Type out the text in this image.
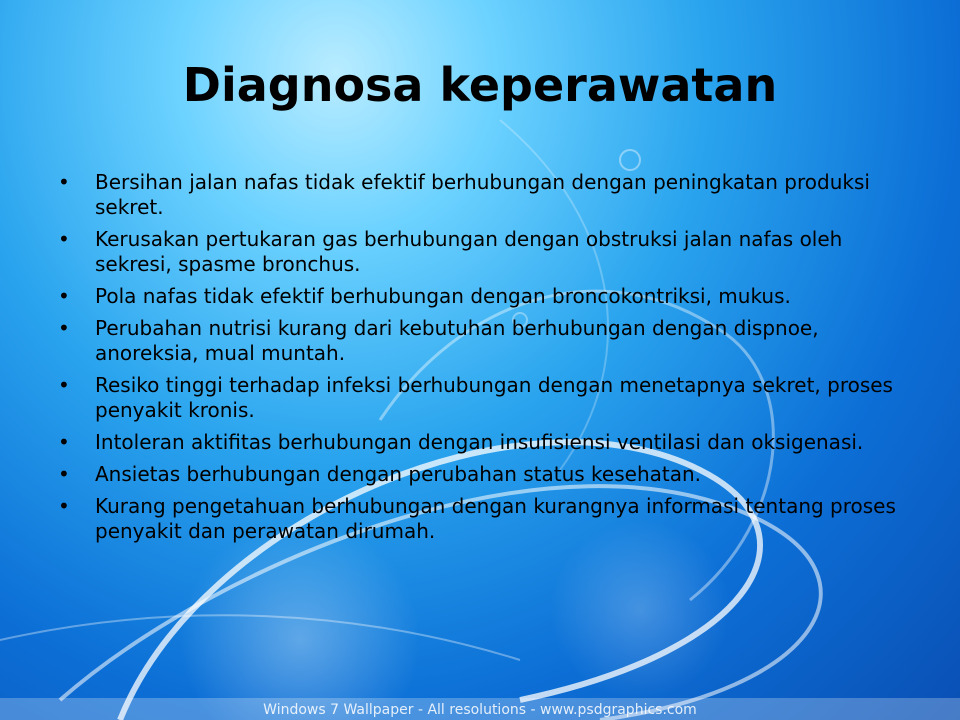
Diagnosa keperawatan
• Bersihan jalan nafas tidak efektif berhubungan dengan peningkatan produksi sekret.
• Kerusakan pertukaran gas berhubungan dengan obstruksi jalan nafas oleh sekresi, spasme bronchus.
• Pola nafas tidak efektif berhubungan dengan broncokontriksi, mukus.
• Perubahan nutrisi kurang dari kebutuhan berhubungan dengan dispnoe, anoreksia, mual muntah.
• Resiko tinggi terhadap infeksi berhubungan dengan menetapnya sekret, proses penyakit kronis.
• Intoleran aktifitas berhubungan dengan insufisiensi ventilasi dan oksigenasi.
• Ansietas berhubungan dengan perubahan status kesehatan.
• Kurang pengetahuan berhubungan dengan kurangnya informasi tentang proses penyakit dan perawatan dirumah.
Windows 7 Wallpaper - All resolutions - www.psdgraphics.com
